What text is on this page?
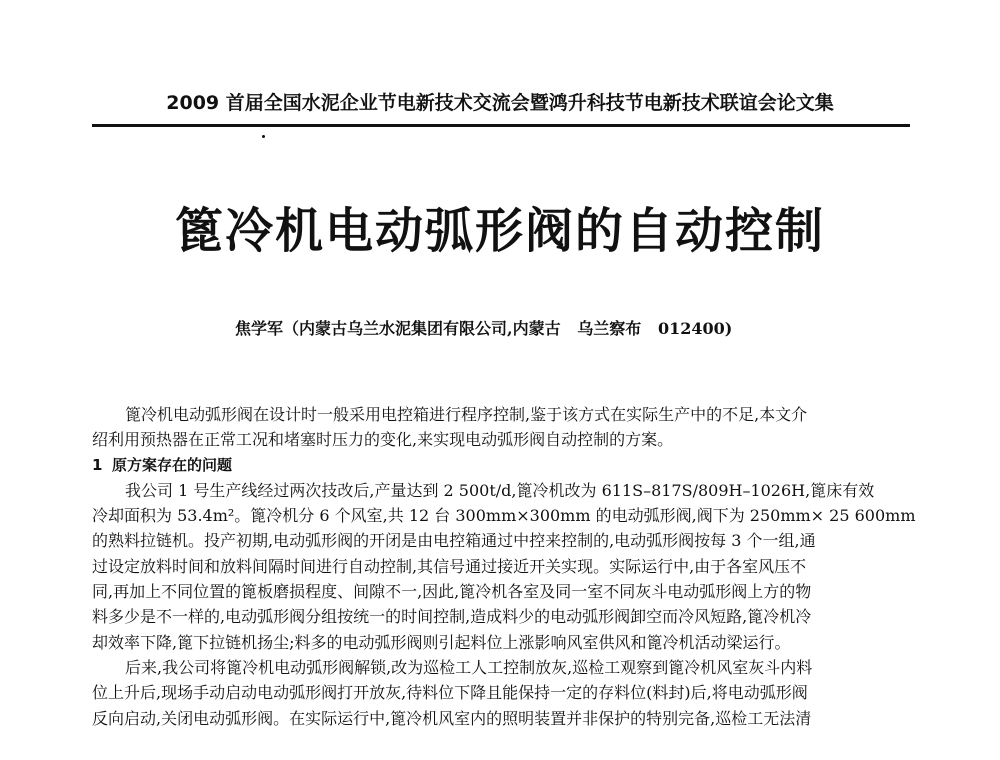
2009 首届全国水泥企业节电新技术交流会暨鸿升科技节电新技术联谊会论文集
篦冷机电动弧形阀的自动控制
焦学军（内蒙古乌兰水泥集团有限公司,内蒙古   乌兰察布   012400)
篦冷机电动弧形阀在设计时一般采用电控箱进行程序控制,鉴于该方式在实际生产中的不足,本文介
绍利用预热器在正常工况和堵塞时压力的变化,来实现电动弧形阀自动控制的方案。
1 原方案存在的问题
我公司 1 号生产线经过两次技改后,产量达到 2 500t/d,篦冷机改为 611S–817S/809H–1026H,篦床有效
冷却面积为 53.4m²。篦冷机分 6 个风室,共 12 台 300mm×300mm 的电动弧形阀,阀下为 250mm× 25 600mm
的熟料拉链机。投产初期,电动弧形阀的开闭是由电控箱通过中控来控制的,电动弧形阀按每 3 个一组,通
过设定放料时间和放料间隔时间进行自动控制,其信号通过接近开关实现。实际运行中,由于各室风压不
同,再加上不同位置的篦板磨损程度、间隙不一,因此,篦冷机各室及同一室不同灰斗电动弧形阀上方的物
料多少是不一样的,电动弧形阀分组按统一的时间控制,造成料少的电动弧形阀卸空而冷风短路,篦冷机冷
却效率下降,篦下拉链机扬尘;料多的电动弧形阀则引起料位上涨影响风室供风和篦冷机活动梁运行。
后来,我公司将篦冷机电动弧形阀解锁,改为巡检工人工控制放灰,巡检工观察到篦冷机风室灰斗内料
位上升后,现场手动启动电动弧形阀打开放灰,待料位下降且能保持一定的存料位(料封)后,将电动弧形阀
反向启动,关闭电动弧形阀。在实际运行中,篦冷机风室内的照明装置并非保护的特别完备,巡检工无法清
